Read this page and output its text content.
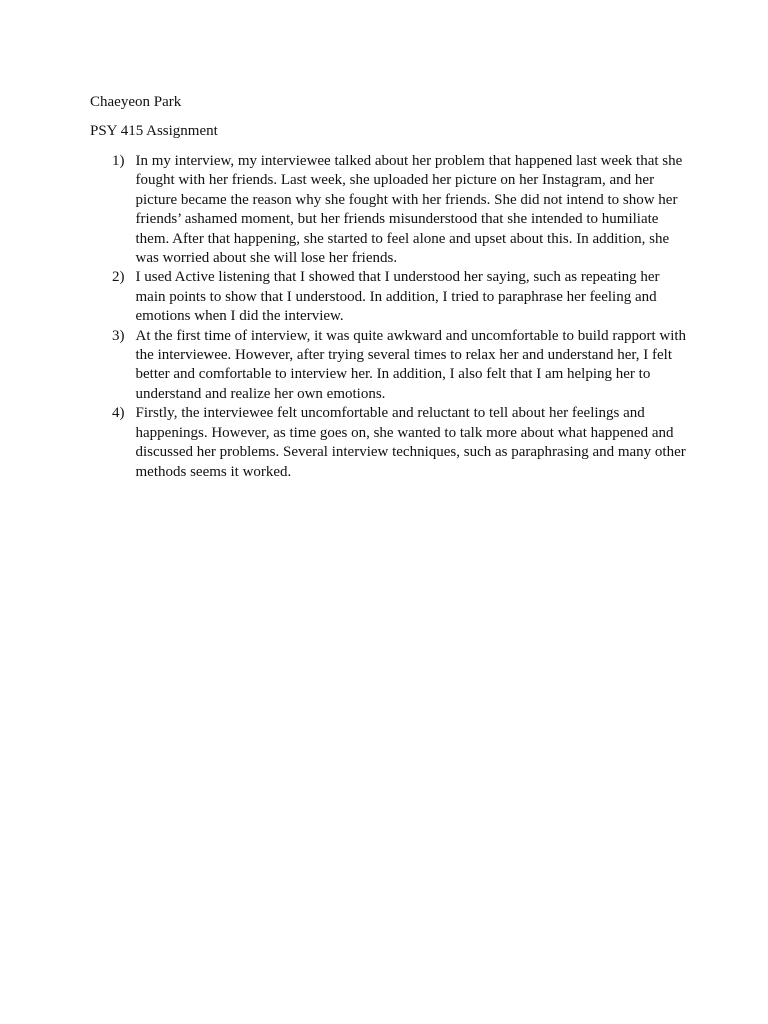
Chaeyeon Park
PSY 415 Assignment
1) In my interview, my interviewee talked about her problem that happened last week that she fought with her friends. Last week, she uploaded her picture on her Instagram, and her picture became the reason why she fought with her friends. She did not intend to show her friends’ ashamed moment, but her friends misunderstood that she intended to humiliate them. After that happening, she started to feel alone and upset about this. In addition, she was worried about she will lose her friends.
2) I used Active listening that I showed that I understood her saying, such as repeating her main points to show that I understood. In addition, I tried to paraphrase her feeling and emotions when I did the interview.
3) At the first time of interview, it was quite awkward and uncomfortable to build rapport with the interviewee. However, after trying several times to relax her and understand her, I felt better and comfortable to interview her. In addition, I also felt that I am helping her to understand and realize her own emotions.
4) Firstly, the interviewee felt uncomfortable and reluctant to tell about her feelings and happenings. However, as time goes on, she wanted to talk more about what happened and discussed her problems. Several interview techniques, such as paraphrasing and many other methods seems it worked.
